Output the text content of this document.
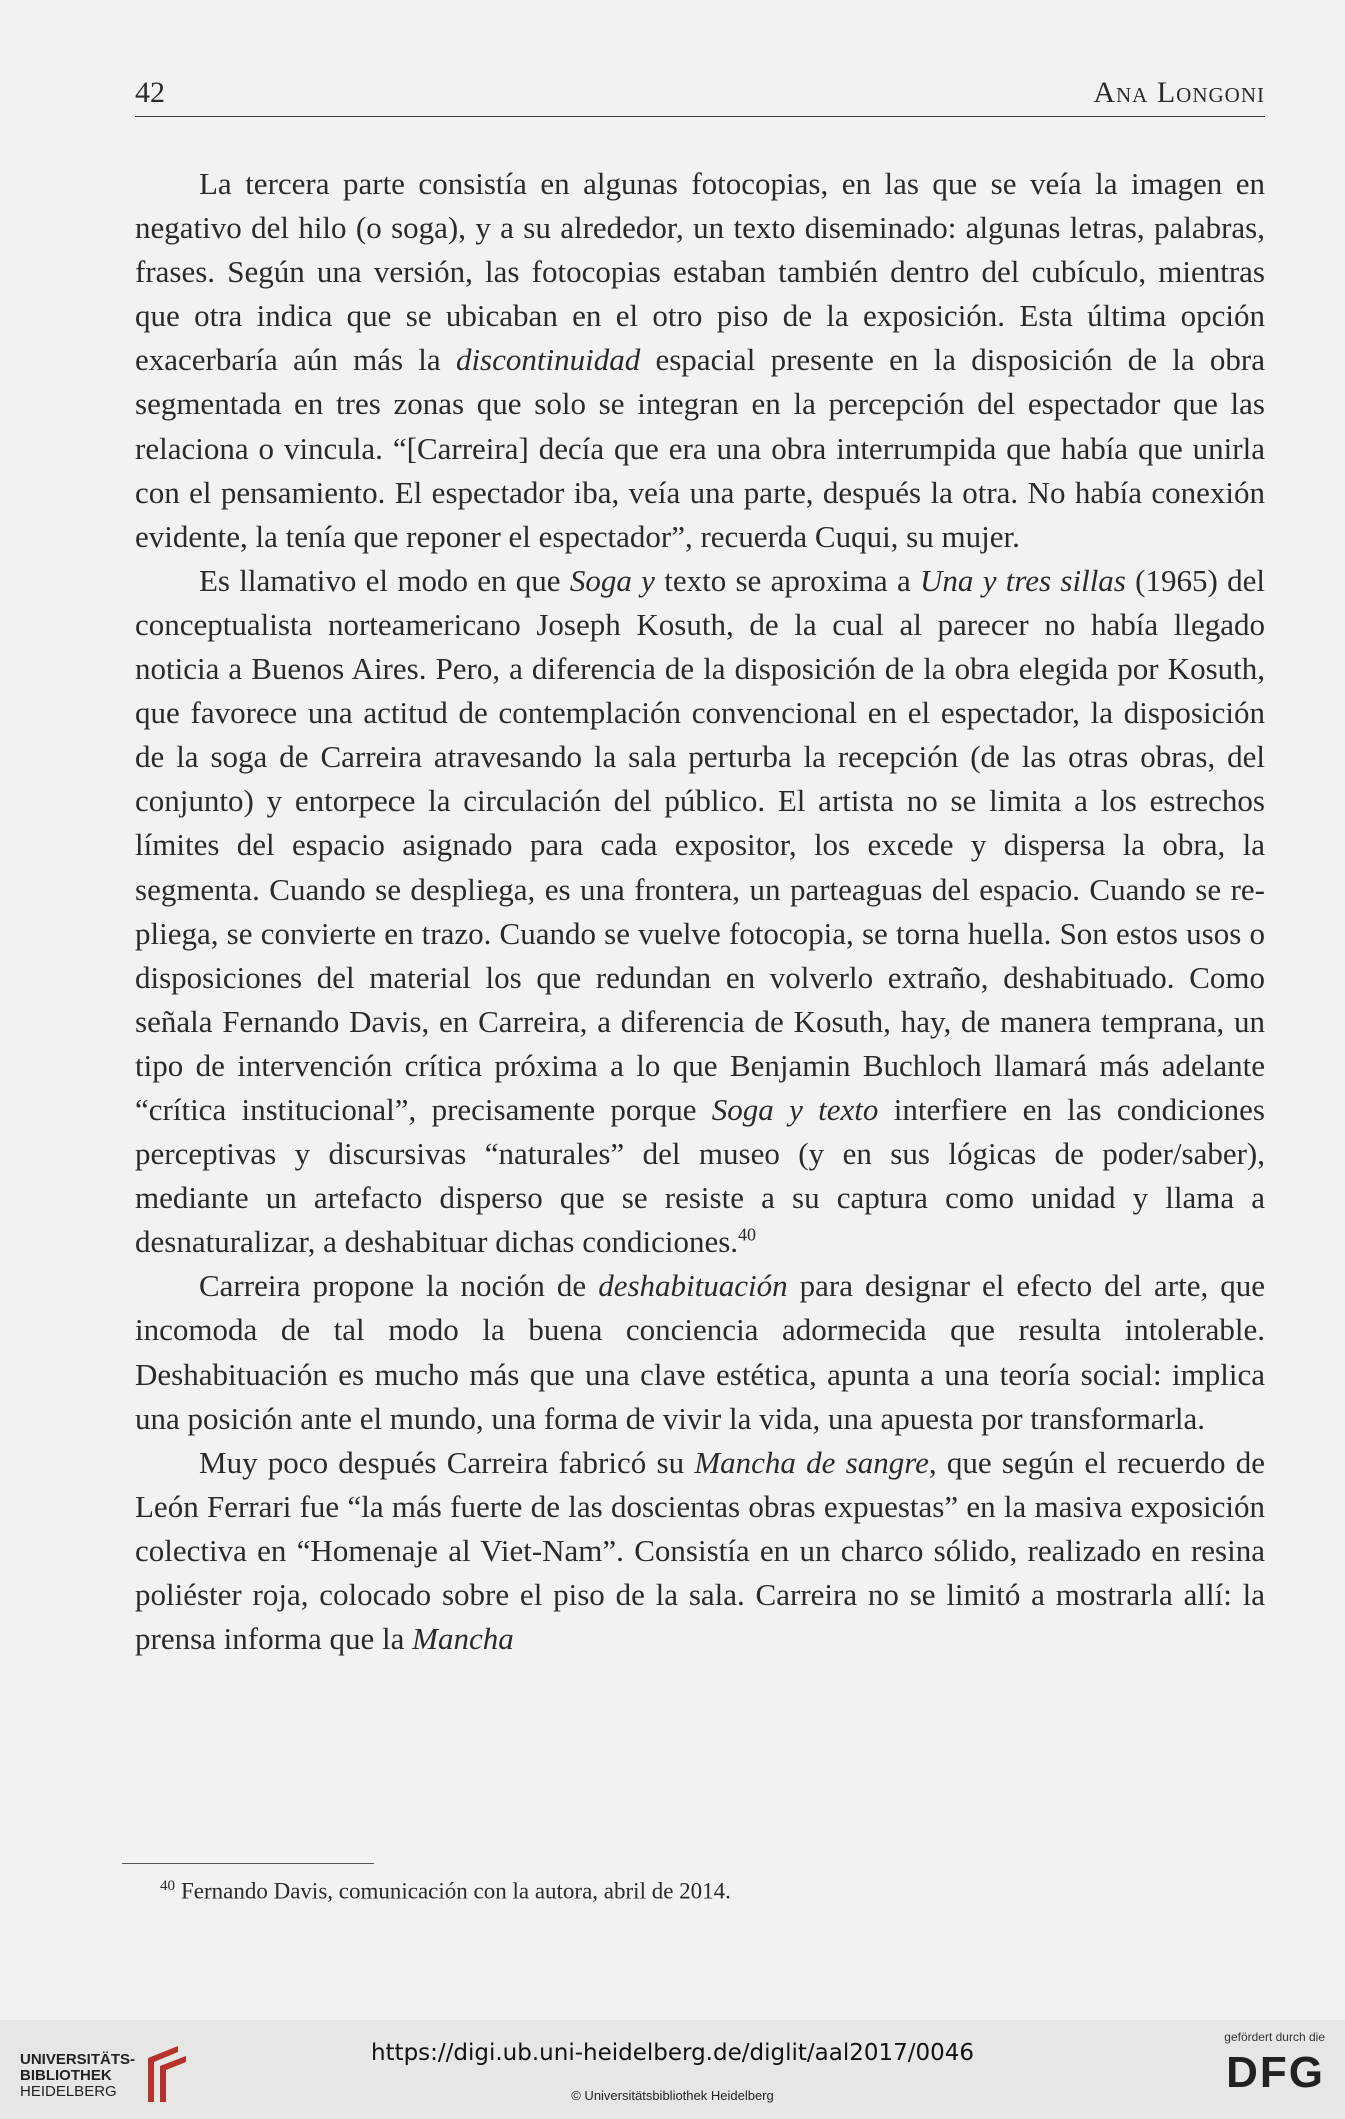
42	Ana Longoni

La tercera parte consistía en algunas fotocopias, en las que se veía la imagen en negativo del hilo (o soga), y a su alrededor, un texto diseminado: algunas letras, palabras, frases. Según una versión, las fotocopias estaban también dentro del cubículo, mientras que otra indica que se ubicaban en el otro piso de la exposición. Esta última opción exacerbaría aún más la discontinuidad espacial presente en la disposición de la obra segmentada en tres zonas que solo se integran en la percepción del espectador que las relaciona o vincula. “[Carreira] decía que era una obra interrumpida que había que unirla con el pensamiento. El espectador iba, veía una parte, después la otra. No había conexión evidente, la tenía que reponer el espectador”, recuerda Cuqui, su mujer.

Es llamativo el modo en que Soga y texto se aproxima a Una y tres sillas (1965) del conceptualista norteamericano Joseph Kosuth, de la cual al parecer no había llegado noticia a Buenos Aires. Pero, a diferencia de la disposición de la obra elegida por Kosuth, que favorece una actitud de contemplación convencional en el espectador, la disposición de la soga de Carreira atravesando la sala perturba la recepción (de las otras obras, del conjunto) y entorpece la circulación del público. El artista no se limita a los estrechos límites del espacio asignado para cada expositor, los excede y dispersa la obra, la segmenta. Cuando se despliega, es una frontera, un parteaguas del espacio. Cuando se repliega, se convierte en trazo. Cuando se vuelve fotocopia, se torna huella. Son estos usos o disposiciones del material los que redundan en volverlo extraño, deshabituado. Como señala Fernando Davis, en Carreira, a diferencia de Kosuth, hay, de manera temprana, un tipo de intervención crítica próxima a lo que Benjamin Buchloch llamará más adelante “crítica institucional”, precisamente porque Soga y texto interfiere en las condiciones perceptivas y discursivas “naturales” del museo (y en sus lógicas de poder/saber), mediante un artefacto disperso que se resiste a su captura como unidad y llama a desnaturalizar, a deshabituar dichas condiciones.$^{40}$

Carreira propone la noción de deshabituación para designar el efecto del arte, que incomoda de tal modo la buena conciencia adormecida que resulta intolerable. Deshabituación es mucho más que una clave estética, apunta a una teoría social: implica una posición ante el mundo, una forma de vivir la vida, una apuesta por transformarla.

Muy poco después Carreira fabricó su Mancha de sangre, que según el recuerdo de León Ferrari fue “la más fuerte de las doscientas obras expuestas” en la masiva exposición colectiva en “Homenaje al Viet-Nam”. Consistía en un charco sólido, realizado en resina poliéster roja, colocado sobre el piso de la sala. Carreira no se limitó a mostrarla allí: la prensa informa que la Mancha

$^{40}$ Fernando Davis, comunicación con la autora, abril de 2014.
UNIVERSITÄTS-
BIBLIOTHEK
HEIDELBERG
https://digi.ub.uni-heidelberg.de/diglit/aal2017/0046
© Universitätsbibliothek Heidelberg
gefördert durch die
DFG
